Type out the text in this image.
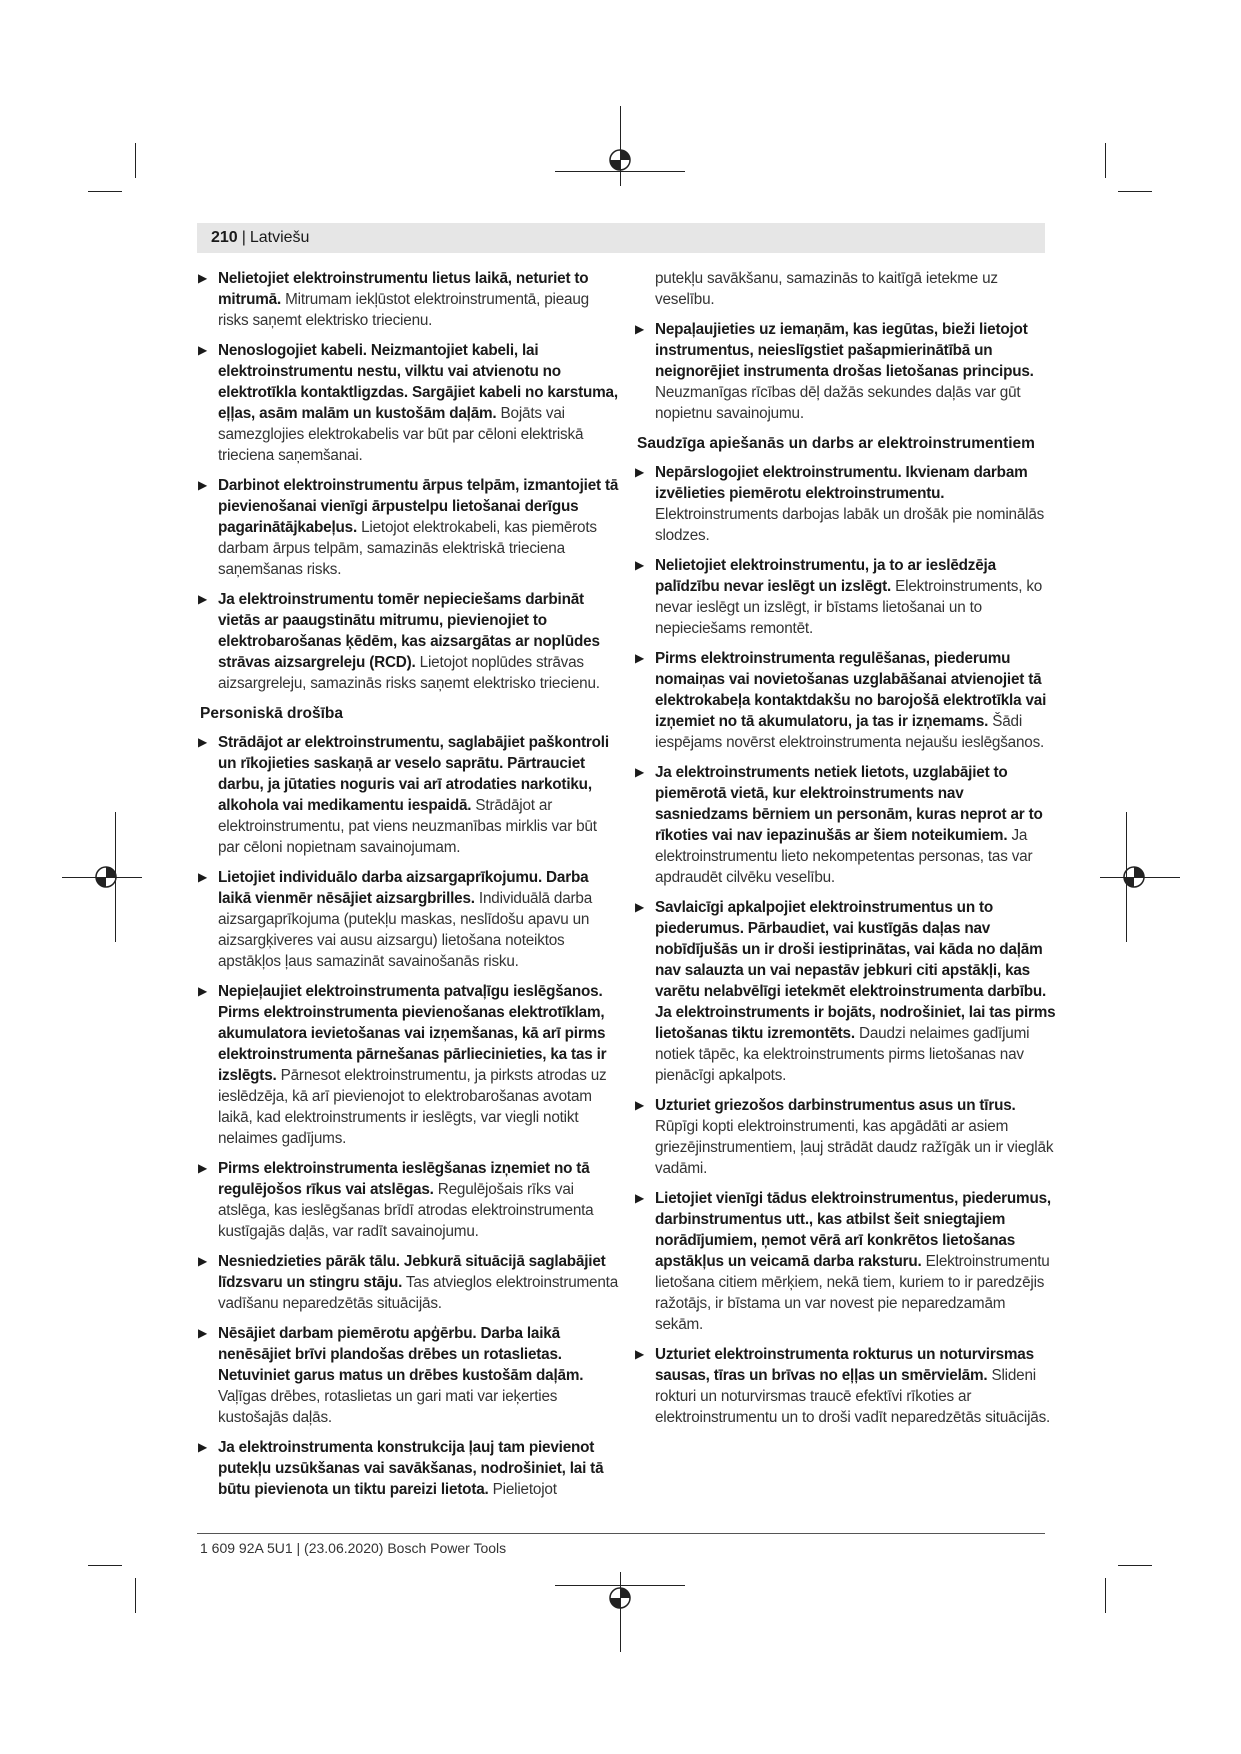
210 | Latviešu
▶ Nelietojiet elektroinstrumentu lietus laikā, neturiet to mitrumā. Mitrumam iekļūstot elektroinstrumentā, pieaug risks saņemt elektrisko triecienu.
▶ Nenoslogojiet kabeli. Neizmantojiet kabeli, lai elektroinstrumentu nestu, vilktu vai atvienotu no elektrotīkla kontaktligzdas. Sargājiet kabeli no karstuma, eļļas, asām malām un kustošām daļām. Bojāts vai samezglojies elektrokabelis var būt par cēloni elektriskā trieciena saņemšanai.
▶ Darbinot elektroinstrumentu ārpus telpām, izmantojiet tā pievienošanai vienīgi ārpustelpu lietošanai derīgus pagarinātājkabeļus. Lietojot elektrokabeli, kas piemērots darbam ārpus telpām, samazinās elektriskā trieciena saņemšanas risks.
▶ Ja elektroinstrumentu tomēr nepieciešams darbināt vietās ar paaugstinātu mitrumu, pievienojiet to elektrobarošanas ķēdēm, kas aizsargātas ar noplūdes strāvas aizsargreleju (RCD). Lietojot noplūdes strāvas aizsargreleju, samazinās risks saņemt elektrisko triecienu.
Personiskā drošība
▶ Strādājot ar elektroinstrumentu, saglabājiet paškontroli un rīkojieties saskaņā ar veselo saprātu. Pārtrauciet darbu, ja jūtaties noguris vai arī atrodaties narkotiku, alkohola vai medikamentu iespaidā. Strādājot ar elektroinstrumentu, pat viens neuzmanības mirklis var būt par cēloni nopietnam savainojumam.
▶ Lietojiet individuālo darba aizsargaprīkojumu. Darba laikā vienmēr nēsājiet aizsargbrilles. Individuālā darba aizsargaprīkojuma (putekļu maskas, neslīdošu apavu un aizsargķiveres vai ausu aizsargu) lietošana noteiktos apstākļos ļaus samazināt savainošanās risku.
▶ Nepieļaujiet elektroinstrumenta patvaļīgu ieslēgšanos. Pirms elektroinstrumenta pievienošanas elektrotīklam, akumulatora ievietošanas vai izņemšanas, kā arī pirms elektroinstrumenta pārnešanas pārliecinieties, ka tas ir izslēgts. Pārnesot elektroinstrumentu, ja pirksts atrodas uz ieslēdzēja, kā arī pievienojot to elektrobarošanas avotam laikā, kad elektroinstruments ir ieslēgts, var viegli notikt nelaimes gadījums.
▶ Pirms elektroinstrumenta ieslēgšanas izņemiet no tā regulējošos rīkus vai atslēgas. Regulējošais rīks vai atslēga, kas ieslēgšanas brīdī atrodas elektroinstrumenta kustīgajās daļās, var radīt savainojumu.
▶ Nesniedzieties pārāk tālu. Jebkurā situācijā saglabājiet līdzsvaru un stingru stāju. Tas atvieglos elektroinstrumenta vadīšanu neparedzētās situācijās.
▶ Nēsājiet darbam piemērotu apģērbu. Darba laikā nenēsājiet brīvi plandošas drēbes un rotaslietas. Netuviniet garus matus un drēbes kustošām daļām. Vaļīgas drēbes, rotaslietas un gari mati var ieķerties kustošajās daļās.
▶ Ja elektroinstrumenta konstrukcija ļauj tam pievienot putekļu uzsūkšanas vai savākšanas, nodrošiniet, lai tā būtu pievienota un tiktu pareizi lietota. Pielietojot
putekļu savākšanu, samazinās to kaitīgā ietekme uz veselību.
▶ Nepaļaujieties uz iemaņām, kas iegūtas, bieži lietojot instrumentus, neieslīgstiet pašapmierinātībā un neignorējiet instrumenta drošas lietošanas principus. Neuzmanīgas rīcības dēļ dažās sekundes daļās var gūt nopietnu savainojumu.
Saudzīga apiešanās un darbs ar elektroinstrumentiem
▶ Nepārslogojiet elektroinstrumentu. Ikvienam darbam izvēlieties piemērotu elektroinstrumentu. Elektroinstruments darbojas labāk un drošāk pie nominālās slodzes.
▶ Nelietojiet elektroinstrumentu, ja to ar ieslēdzēja palīdzību nevar ieslēgt un izslēgt. Elektroinstruments, ko nevar ieslēgt un izslēgt, ir bīstams lietošanai un to nepieciešams remontēt.
▶ Pirms elektroinstrumenta regulēšanas, piederumu nomaiņas vai novietošanas uzglabāšanai atvienojiet tā elektrokabeļa kontaktdakšu no barojošā elektrotīkla vai izņemiet no tā akumulatoru, ja tas ir izņemams. Šādi iespējams novērst elektroinstrumenta nejaušu ieslēgšanos.
▶ Ja elektroinstruments netiek lietots, uzglabājiet to piemērotā vietā, kur elektroinstruments nav sasniedzams bērniem un personām, kuras neprot ar to rīkoties vai nav iepazinušās ar šiem noteikumiem. Ja elektroinstrumentu lieto nekompetentas personas, tas var apdraudēt cilvēku veselību.
▶ Savlaicīgi apkalpojiet elektroinstrumentus un to piederumus. Pārbaudiet, vai kustīgās daļas nav nobīdījušās un ir droši iestiprinātas, vai kāda no daļām nav salauzta un vai nepastāv jebkuri citi apstākļi, kas varētu nelabvēlīgi ietekmēt elektroinstrumenta darbību. Ja elektroinstruments ir bojāts, nodrošiniet, lai tas pirms lietošanas tiktu izremontēts. Daudzi nelaimes gadījumi notiek tāpēc, ka elektroinstruments pirms lietošanas nav pienācīgi apkalpots.
▶ Uzturiet griezošos darbinstrumentus asus un tīrus. Rūpīgi kopti elektroinstrumenti, kas apgādāti ar asiem griezējinstrumentiem, ļauj strādāt daudz ražīgāk un ir vieglāk vadāmi.
▶ Lietojiet vienīgi tādus elektroinstrumentus, piederumus, darbinstrumentus utt., kas atbilst šeit sniegtajiem norādījumiem, ņemot vērā arī konkrētos lietošanas apstākļus un veicamā darba raksturu. Elektroinstrumentu lietošana citiem mērķiem, nekā tiem, kuriem to ir paredzējis ražotājs, ir bīstama un var novest pie neparedzamām sekām.
▶ Uzturiet elektroinstrumenta rokturus un noturvirsmas sausas, tīras un brīvas no eļļas un smērvielām. Slideni rokturi un noturvirsmas traucē efektīvi rīkoties ar elektroinstrumentu un to droši vadīt neparedzētās situācijās.
1 609 92A 5U1 | (23.06.2020) Bosch Power Tools
